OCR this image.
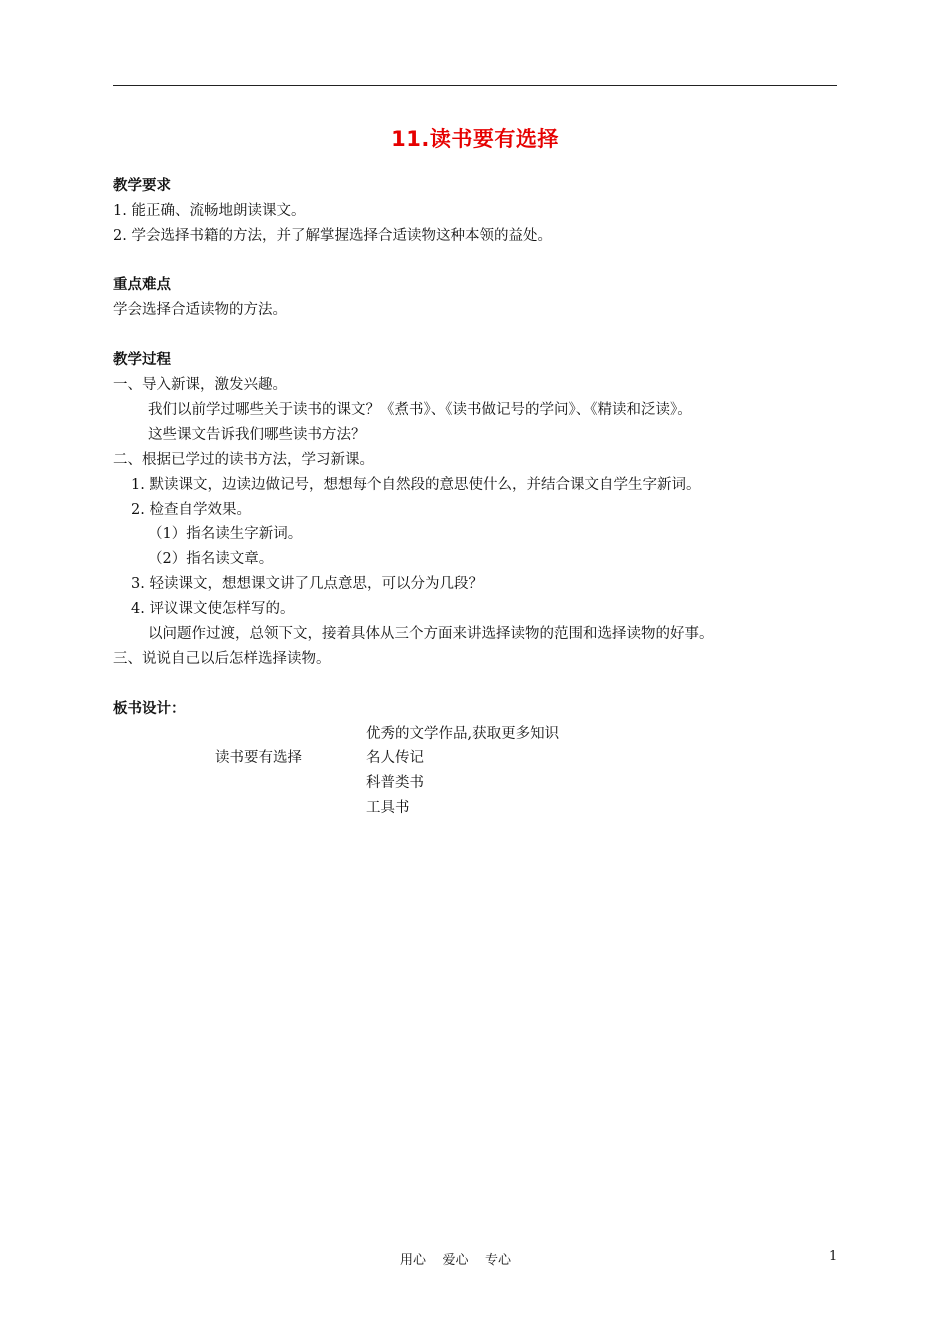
11.读书要有选择
教学要求
1. 能正确、流畅地朗读课文。
2. 学会选择书籍的方法，并了解掌握选择合适读物这种本领的益处。
重点难点
学会选择合适读物的方法。
教学过程
一、导入新课，激发兴趣。
我们以前学过哪些关于读书的课文？《煮书》、《读书做记号的学问》、《精读和泛读》。
这些课文告诉我们哪些读书方法？
二、根据已学过的读书方法，学习新课。
1. 默读课文，边读边做记号，想想每个自然段的意思使什么，并结合课文自学生字新词。
2. 检查自学效果。
（1）指名读生字新词。
（2）指名读文章。
3. 轻读课文，想想课文讲了几点意思，可以分为几段？
4. 评议课文使怎样写的。
以问题作过渡，总领下文，接着具体从三个方面来讲选择读物的范围和选择读物的好事。
三、说说自己以后怎样选择读物。
板书设计：
优秀的文学作品,获取更多知识
读书要有选择	名人传记
科普类书
工具书
用心    爱心    专心	1
